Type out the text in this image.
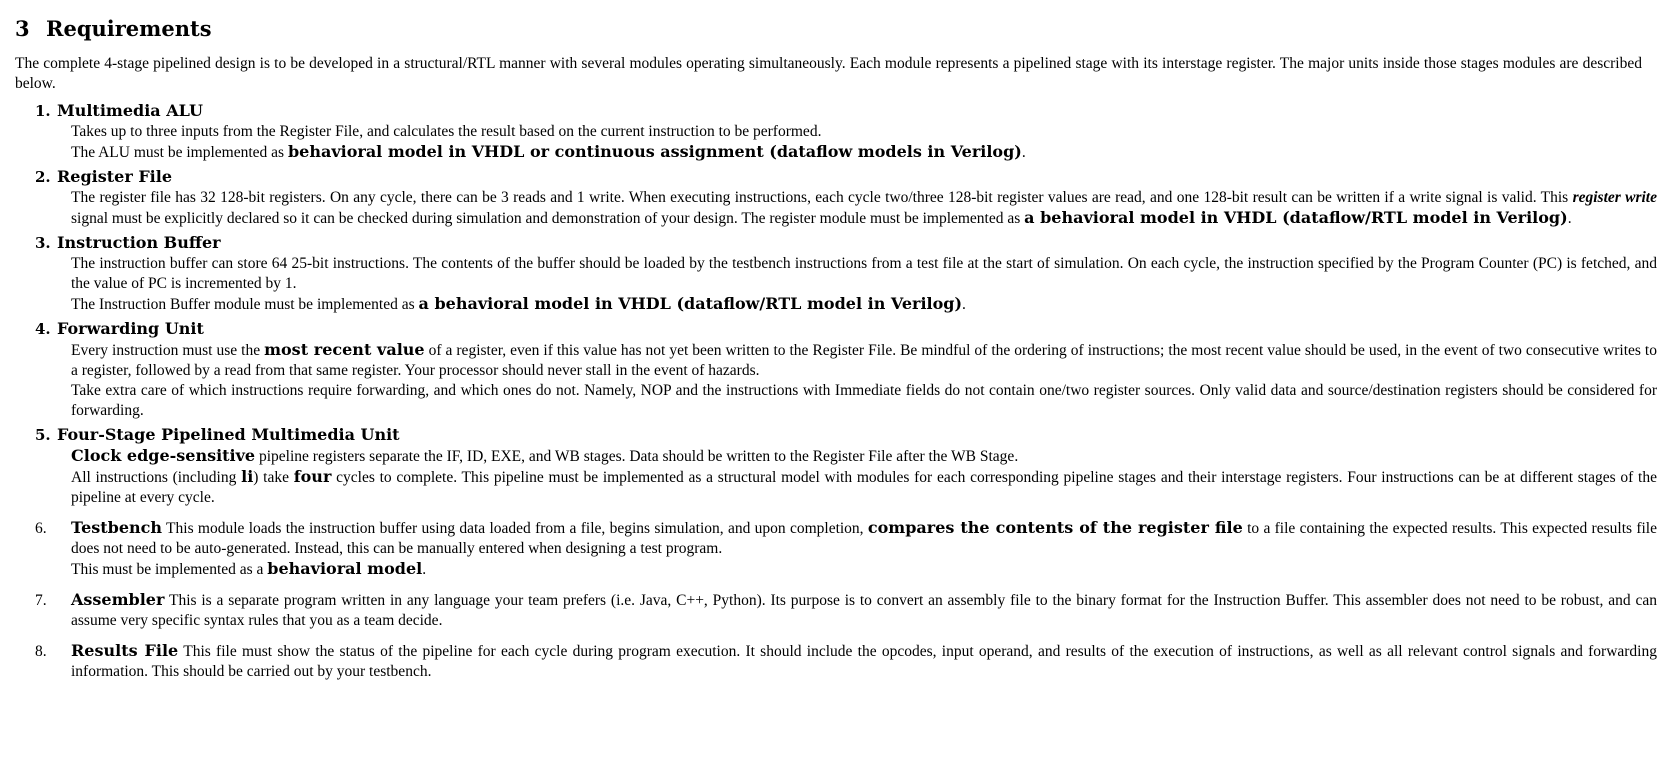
3 Requirements

The complete 4-stage pipelined design is to be developed in a structural/RTL manner with several modules operating simultaneously. Each module represents a pipelined stage with its interstage register. The major units inside those stages modules are described below.

1. Multimedia ALU
Takes up to three inputs from the Register File, and calculates the result based on the current instruction to be performed.
The ALU must be implemented as behavioral model in VHDL or continuous assignment (dataflow models in Verilog).
2. Register File
The register file has 32 128-bit registers. On any cycle, there can be 3 reads and 1 write. When executing instructions, each cycle two/three 128-bit register values are read, and one 128-bit result can be written if a write signal is valid. This register write signal must be explicitly declared so it can be checked during simulation and demonstration of your design. The register module must be implemented as a behavioral model in VHDL (dataflow/RTL model in Verilog).
3. Instruction Buffer
The instruction buffer can store 64 25-bit instructions. The contents of the buffer should be loaded by the testbench instructions from a test file at the start of simulation. On each cycle, the instruction specified by the Program Counter (PC) is fetched, and the value of PC is incremented by 1.
The Instruction Buffer module must be implemented as a behavioral model in VHDL (dataflow/RTL model in Verilog).
4. Forwarding Unit
Every instruction must use the most recent value of a register, even if this value has not yet been written to the Register File. Be mindful of the ordering of instructions; the most recent value should be used, in the event of two consecutive writes to a register, followed by a read from that same register. Your processor should never stall in the event of hazards.
Take extra care of which instructions require forwarding, and which ones do not. Namely, NOP and the instructions with Immediate fields do not contain one/two register sources. Only valid data and source/destination registers should be considered for forwarding.
5. Four-Stage Pipelined Multimedia Unit
Clock edge-sensitive pipeline registers separate the IF, ID, EXE, and WB stages. Data should be written to the Register File after the WB Stage.
All instructions (including li) take four cycles to complete. This pipeline must be implemented as a structural model with modules for each corresponding pipeline stages and their interstage registers. Four instructions can be at different stages of the pipeline at every cycle.
6. Testbench This module loads the instruction buffer using data loaded from a file, begins simulation, and upon completion, compares the contents of the register file to a file containing the expected results. This expected results file does not need to be auto-generated. Instead, this can be manually entered when designing a test program.
This must be implemented as a behavioral model.
7. Assembler This is a separate program written in any language your team prefers (i.e. Java, C++, Python). Its purpose is to convert an assembly file to the binary format for the Instruction Buffer. This assembler does not need to be robust, and can assume very specific syntax rules that you as a team decide.
8. Results File This file must show the status of the pipeline for each cycle during program execution. It should include the opcodes, input operand, and results of the execution of instructions, as well as all relevant control signals and forwarding information. This should be carried out by your testbench.
